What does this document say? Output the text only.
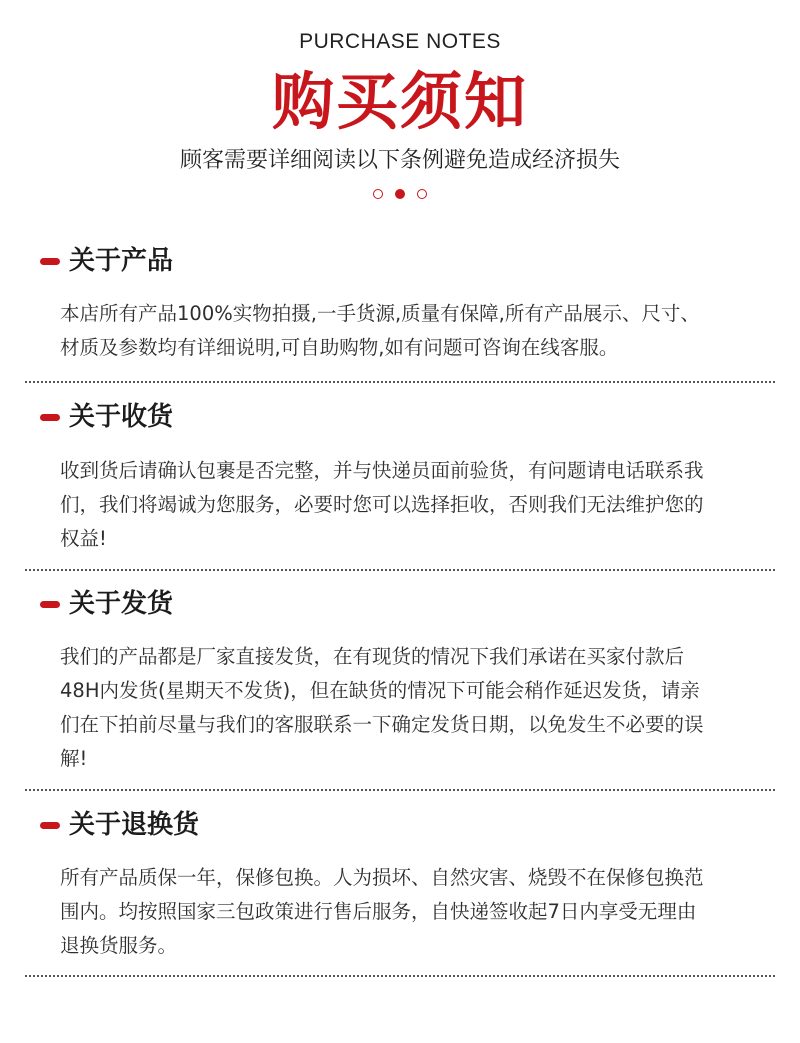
PURCHASE NOTES
购买须知
顾客需要详细阅读以下条例避免造成经济损失
关于产品
本店所有产品100%实物拍摄,一手货源,质量有保障,所有产品展示、尺寸、
材质及参数均有详细说明,可自助购物,如有问题可咨询在线客服。
关于收货
收到货后请确认包裹是否完整，并与快递员面前验货，有问题请电话联系我
们，我们将竭诚为您服务，必要时您可以选择拒收，否则我们无法维护您的
权益!
关于发货
我们的产品都是厂家直接发货，在有现货的情况下我们承诺在买家付款后
48H内发货(星期天不发货)，但在缺货的情况下可能会稍作延迟发货，请亲
们在下拍前尽量与我们的客服联系一下确定发货日期，以免发生不必要的误
解!
关于退换货
所有产品质保一年，保修包换。人为损坏、自然灾害、烧毁不在保修包换范
围内。均按照国家三包政策进行售后服务，自快递签收起7日内享受无理由
退换货服务。
